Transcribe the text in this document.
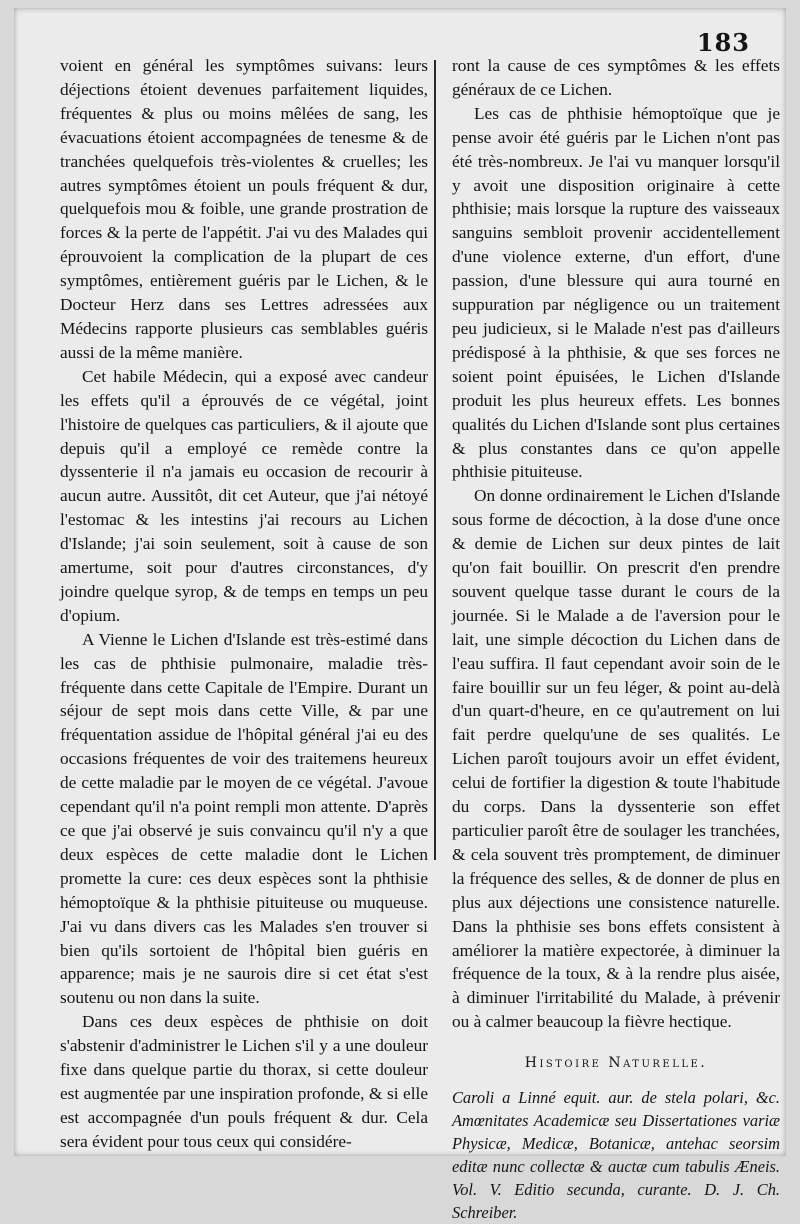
183

voient en général les symptômes suivans: leurs déjections étoient devenues parfaitement liquides, fréquentes & plus ou moins mêlées de sang, les évacuations étoient accompagnées de tenesme & de tranchées quelquefois très-violentes & cruelles; les autres symptômes étoient un pouls fréquent & dur, quelquefois mou & foible, une grande prostration de forces & la perte de l'appétit. J'ai vu des Malades qui éprouvoient la complication de la plupart de ces symptômes, entièrement guéris par le Lichen, & le Docteur Herz dans ses Lettres adressées aux Médecins rapporte plusieurs cas semblables guéris aussi de la même manière.

Cet habile Médecin, qui a exposé avec candeur les effets qu'il a éprouvés de ce végétal, joint l'histoire de quelques cas particuliers, & il ajoute que depuis qu'il a employé ce remède contre la dyssenterie il n'a jamais eu occasion de recourir à aucun autre. Aussitôt, dit cet Auteur, que j'ai nétoyé l'estomac & les intestins j'ai recours au Lichen d'Islande; j'ai soin seulement, soit à cause de son amertume, soit pour d'autres circonstances, d'y joindre quelque syrop, & de temps en temps un peu d'opium.

A Vienne le Lichen d'Islande est très-estimé dans les cas de phthisie pulmonaire, maladie très-fréquente dans cette Capitale de l'Empire. Durant un séjour de sept mois dans cette Ville, & par une fréquentation assidue de l'hôpital général j'ai eu des occasions fréquentes de voir des traitemens heureux de cette maladie par le moyen de ce végétal. J'avoue cependant qu'il n'a point rempli mon attente. D'après ce que j'ai observé je suis convaincu qu'il n'y a que deux espèces de cette maladie dont le Lichen promette la cure: ces deux espèces sont la phthisie hémoptoïque & la phthisie pituiteuse ou muqueuse. J'ai vu dans divers cas les Malades s'en trouver si bien qu'ils sortoient de l'hôpital bien guéris en apparence; mais je ne saurois dire si cet état s'est soutenu ou non dans la suite.

Dans ces deux espèces de phthisie on doit s'abstenir d'administrer le Lichen s'il y a une douleur fixe dans quelque partie du thorax, si cette douleur est augmentée par une inspiration profonde, & si elle est accompagnée d'un pouls fréquent & dur. Cela sera évident pour tous ceux qui considére-

ront la cause de ces symptômes & les effets généraux de ce Lichen.

Les cas de phthisie hémoptoïque que je pense avoir été guéris par le Lichen n'ont pas été très-nombreux. Je l'ai vu manquer lorsqu'il y avoit une disposition originaire à cette phthisie; mais lorsque la rupture des vaisseaux sanguins sembloit provenir accidentellement d'une violence externe, d'un effort, d'une passion, d'une blessure qui aura tourné en suppuration par négligence ou un traitement peu judicieux, si le Malade n'est pas d'ailleurs prédisposé à la phthisie, & que ses forces ne soient point épuisées, le Lichen d'Islande produit les plus heureux effets. Les bonnes qualités du Lichen d'Islande sont plus certaines & plus constantes dans ce qu'on appelle phthisie pituiteuse.

On donne ordinairement le Lichen d'Islande sous forme de décoction, à la dose d'une once & demie de Lichen sur deux pintes de lait qu'on fait bouillir. On prescrit d'en prendre souvent quelque tasse durant le cours de la journée. Si le Malade a de l'aversion pour le lait, une simple décoction du Lichen dans de l'eau suffira. Il faut cependant avoir soin de le faire bouillir sur un feu léger, & point au-delà d'un quart-d'heure, en ce qu'autrement on lui fait perdre quelqu'une de ses qualités. Le Lichen paroît toujours avoir un effet évident, celui de fortifier la digestion & toute l'habitude du corps. Dans la dyssenterie son effet particulier paroît être de soulager les tranchées, & cela souvent très promptement, de diminuer la fréquence des selles, & de donner de plus en plus aux déjections une consistence naturelle. Dans la phthisie ses bons effets consistent à améliorer la matière expectorée, à diminuer la fréquence de la toux, & à la rendre plus aisée, à diminuer l'irritabilité du Malade, à prévenir ou à calmer beaucoup la fièvre hectique.

Histoire Naturelle.

Caroli a Linné equit. aur. de stela polari, &c. Amœnitates Academicæ seu Dissertationes variæ Physicæ, Medicæ, Botanicæ, antehac seorsim editæ nunc collectæ & auctæ cum tabulis Æneis. Vol. V. Editio secunda, curante. D. J. Ch. Schreiber.
